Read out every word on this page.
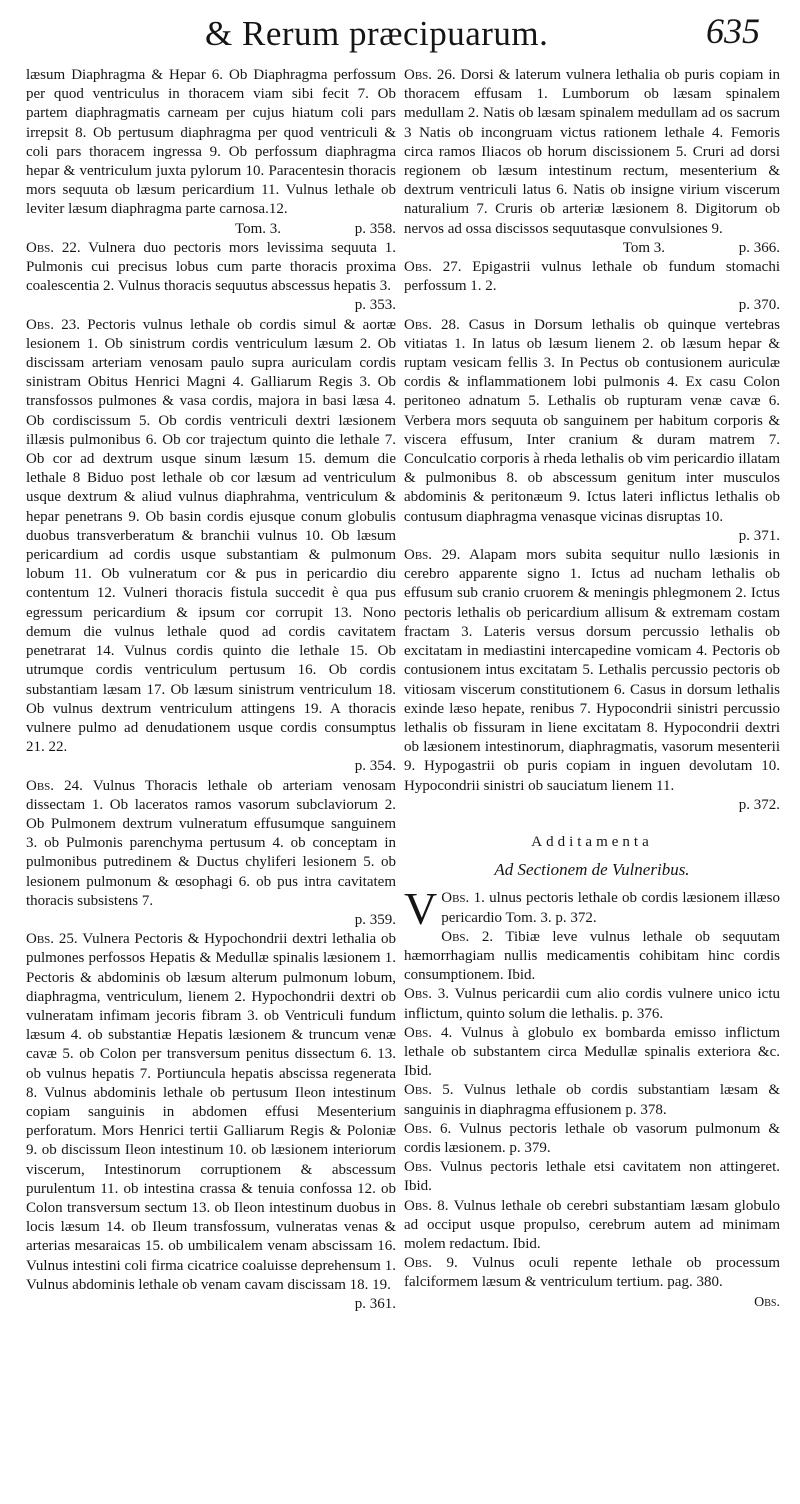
& Rerum præcipuarum.	635

læsum Diaphragma & Hepar 6. Ob Diaphragma perfossum per quod ventriculus in thoracem viam sibi fecit 7. Ob partem diaphragmatis carneam per cujus hiatum coli pars irrepsit 8. Ob pertusum diaphragma per quod ventriculi & coli pars thoracem ingressa 9. Ob perfossum diaphragma hepar & ventriculum juxta pylorum 10. Paracentesin thoracis mors sequuta ob læsum pericardium 11. Vulnus lethale ob leviter læsum diaphragma parte carnosa.12.

Tom. 3.	p. 358.

Obs. 22. Vulnera duo pectoris mors levissima sequuta 1. Pulmonis cui precisus lobus cum parte thoracis proxima coalescentia 2. Vulnus thoracis sequutus abscessus hepatis 3.

p. 353.

Obs. 23. Pectoris vulnus lethale ob cordis simul & aortæ lesionem 1. Ob sinistrum cordis ventriculum læsum 2. Ob discissam arteriam venosam paulo supra auriculam cordis sinistram Obitus Henrici Magni 4. Galliarum Regis 3. Ob transfossos pulmones & vasa cordis, majora in basi læsa 4. Ob cordiscissum 5. Ob cordis ventriculi dextri læsionem illæsis pulmonibus 6. Ob cor trajectum quinto die lethale 7. Ob cor ad dextrum usque sinum læsum 15. demum die lethale 8 Biduo post lethale ob cor læsum ad ventriculum usque dextrum & aliud vulnus diaphrahma, ventriculum & hepar penetrans 9. Ob basin cordis ejusque conum globulis duobus transverberatum & branchii vulnus 10. Ob læsum pericardium ad cordis usque substantiam & pulmonum lobum 11. Ob vulneratum cor & pus in pericardio diu contentum 12. Vulneri thoracis fistula succedit è qua pus egressum pericardium & ipsum cor corrupit 13. Nono demum die vulnus lethale quod ad cordis cavitatem penetrarat 14. Vulnus cordis quinto die lethale 15. Ob utrumque cordis ventriculum pertusum 16. Ob cordis substantiam læsam 17. Ob læsum sinistrum ventriculum 18. Ob vulnus dextrum ventriculum attingens 19. A thoracis vulnere pulmo ad denudationem usque cordis consumptus 21. 22.

p. 354.

Obs. 24. Vulnus Thoracis lethale ob arteriam venosam dissectam 1. Ob laceratos ramos vasorum subclaviorum 2. Ob Pulmonem dextrum vulneratum effusumque sanguinem 3. ob Pulmonis parenchyma pertusum 4. ob conceptam in pulmonibus putredinem & Ductus chyliferi lesionem 5. ob lesionem pulmonum & œsophagi 6. ob pus intra cavitatem thoracis subsistens 7.

p. 359.

Obs. 25. Vulnera Pectoris & Hypochondrii dextri lethalia ob pulmones perfossos Hepatis & Medullæ spinalis læsionem 1. Pectoris & abdominis ob læsum alterum pulmonum lobum, diaphragma, ventriculum, lienem 2. Hypochondrii dextri ob vulneratam infimam jecoris fibram 3. ob Ventriculi fundum læsum 4. ob substantiæ Hepatis læsionem & truncum venæ cavæ 5. ob Colon per transversum penitus dissectum 6. 13. ob vulnus hepatis 7. Portiuncula hepatis abscissa regenerata 8. Vulnus abdominis lethale ob pertusum Ileon intestinum copiam sanguinis in abdomen effusi Mesenterium perforatum. Mors Henrici tertii Galliarum Regis & Poloniæ 9. ob discissum Ileon intestinum 10. ob læsionem interiorum viscerum, Intestinorum corruptionem & abscessum purulentum 11. ob intestina crassa & tenuia confossa 12. ob Colon transversum sectum 13. ob Ileon intestinum duobus in locis læsum 14. ob Ileum transfossum, vulneratas venas & arterias mesaraicas 15. ob umbilicalem venam abscissam 16. Vulnus intestini coli firma cicatrice coaluisse deprehensum 1. Vulnus abdominis lethale ob venam cavam discissam 18. 19.

p. 361.

Obs. 26. Dorsi & laterum vulnera lethalia ob puris copiam in thoracem effusam 1. Lumborum ob læsam spinalem medullam 2. Natis ob læsam spinalem medullam ad os sacrum 3 Natis ob incongruam victus rationem lethale 4. Femoris circa ramos Iliacos ob horum discissionem 5. Cruri ad dorsi regionem ob læsum intestinum rectum, mesenterium & dextrum ventriculi latus 6. Natis ob insigne virium viscerum naturalium 7. Cruris ob arteriæ læsionem 8. Digitorum ob nervos ad ossa discissos sequutasque convulsiones 9.

Tom 3.	p. 366.

Obs. 27. Epigastrii vulnus lethale ob fundum stomachi perfossum 1. 2.

p. 370.

Obs. 28. Casus in Dorsum lethalis ob quinque vertebras vitiatas 1. In latus ob læsum lienem 2. ob læsum hepar & ruptam vesicam fellis 3. In Pectus ob contusionem auriculæ cordis & inflammationem lobi pulmonis 4. Ex casu Colon peritoneo adnatum 5. Lethalis ob rupturam venæ cavæ 6. Verbera mors sequuta ob sanguinem per habitum corporis & viscera effusum, Inter cranium & duram matrem 7. Conculcatio corporis à rheda lethalis ob vim pericardio illatam & pulmonibus 8. ob abscessum genitum inter musculos abdominis & peritonæum 9. Ictus lateri inflictus lethalis ob contusum diaphragma venasque vicinas disruptas 10.

p. 371.

Obs. 29. Alapam mors subita sequitur nullo læsionis in cerebro apparente signo 1. Ictus ad nucham lethalis ob effusum sub cranio cruorem & meningis phlegmonem 2. Ictus pectoris lethalis ob pericardium allisum & extremam costam fractam 3. Lateris versus dorsum percussio lethalis ob excitatam in mediastini intercapedine vomicam 4. Pectoris ob contusionem intus excitatam 5. Lethalis percussio pectoris ob vitiosam viscerum constitutionem 6. Casus in dorsum lethalis exinde læso hepate, renibus 7. Hypocondrii sinistri percussio lethalis ob fissuram in liene excitatam 8. Hypocondrii dextri ob læsionem intestinorum, diaphragmatis, vasorum mesenterii 9. Hypogastrii ob puris copiam in inguen devolutam 10. Hypocondrii sinistri ob sauciatum lienem 11.

p. 372.

Additamenta
Ad Sectionem de Vulneribus.

Obs. 1.
V	ulnus pectoris lethale ob cordis læsionem illæso pericardio Tom. 3. p. 372.

Obs. 2. Tibiæ leve vulnus lethale ob sequutam hæmorrhagiam nullis medicamentis cohibitam hinc cordis consumptionem. Ibid.

Obs. 3. Vulnus pericardii cum alio cordis vulnere unico ictu inflictum, quinto solum die lethalis. p. 376.

Obs. 4. Vulnus à globulo ex bombarda emisso inflictum lethale ob substantem circa Medullæ spinalis exteriora &c. Ibid.

Obs. 5. Vulnus lethale ob cordis substantiam læsam & sanguinis in diaphragma effusionem p. 378.

Obs. 6. Vulnus pectoris lethale ob vasorum pulmonum & cordis læsionem. p. 379.

Obs. Vulnus pectoris lethale etsi cavitatem non attingeret. Ibid.

Obs. 8. Vulnus lethale ob cerebri substantiam læsam globulo ad occiput usque propulso, cerebrum autem ad minimam molem redactum. Ibid.

Obs. 9. Vulnus oculi repente lethale ob processum falciformem læsum & ventriculum tertium. pag. 380.

Obs.
